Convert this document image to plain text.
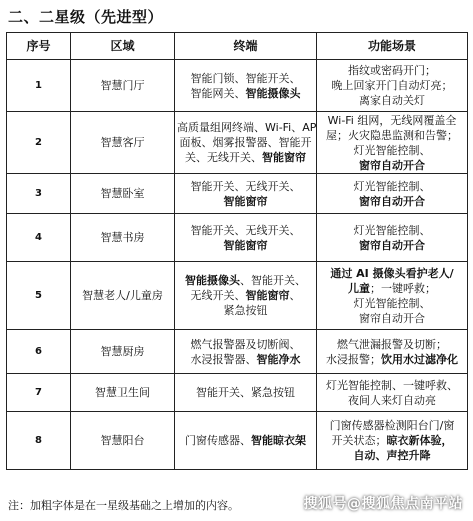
二、二星级（先进型）
序号	区域	终端	功能场景
1	智慧门厅	智能门锁、智能开关、
智能网关、智能摄像头	指纹或密码开门；
晚上回家开门自动灯亮；
离家自动关灯

2	智慧客厅	高质量组网终端、Wi-Fi、AP
面板、烟雾报警器、智能开
关、无线开关、智能窗帘	Wi-Fi 组网，无线网覆盖全
屋；火灾隐患监测和告警；
灯光智能控制、
窗帘自动开合

3	智慧卧室	智能开关、无线开关、
智能窗帘	灯光智能控制、
窗帘自动开合

4	智慧书房	智能开关、无线开关、
智能窗帘	灯光智能控制、
窗帘自动开合

5	智慧老人/儿童房	智能摄像头、智能开关、
无线开关、智能窗帘、
紧急按钮	通过 AI 摄像头看护老人/
儿童；一键呼救；
灯光智能控制、
窗帘自动开合

6	智慧厨房	燃气报警器及切断阀、
水浸报警器、智能净水	燃气泄漏报警及切断；
水浸报警；饮用水过滤净化

7	智慧卫生间	智能开关、紧急按钮	灯光智能控制、一键呼救、
夜间人来灯自动亮

8	智慧阳台	门窗传感器、智能晾衣架	门窗传感器检测阳台门/窗
开关状态；晾衣新体验，
自动、声控升降
注：加粗字体是在一星级基础之上增加的内容。	搜狐号@搜狐焦点南平站
